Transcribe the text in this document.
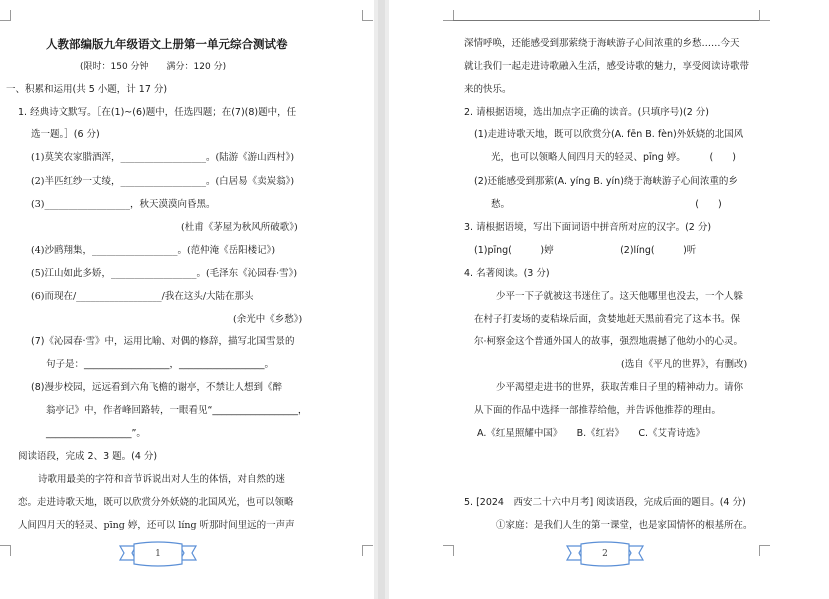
人教部编版九年级语文上册第一单元综合测试卷
(限时：150 分钟　　满分：120 分)
一、积累和运用(共 5 小题，计 17 分)
1. 经典诗文默写。［在(1)~(6)题中，任选四题；在(7)(8)题中，任
选一题。］(6 分)
(1)莫笑农家腊酒浑，__________________。(陆游《游山西村》)
(2)半匹红纱一丈绫，__________________。(白居易《卖炭翁》)
(3)__________________，秋天漠漠向昏黑。
(杜甫《茅屋为秋风所破歌》)
(4)沙鸥翔集，__________________。(范仲淹《岳阳楼记》)
(5)江山如此多娇，__________________。(毛泽东《沁园春·雪》)
(6)而现在/__________________/我在这头/大陆在那头
(余光中《乡愁》)
(7)《沁园春·雪》中，运用比喻、对偶的修辞，描写北国雪景的
句子是：__________________，__________________。
(8)漫步校园，远远看到六角飞檐的谢亭，不禁让人想到《醉
翁亭记》中，作者峰回路转，一眼看见“__________________，
__________________”。
阅读语段，完成 2、3 题。(4 分)
诗歌用最美的字符和音节诉说出对人生的体悟，对自然的迷
恋。走进诗歌天地，既可以欣赏分外妖娆的北国风光，也可以领略
人间四月天的轻灵、pīng 婷，还可以 líng 听那时间里远的一声声
1
深情呼唤，还能感受到那萦绕于海峡游子心间浓重的乡愁……今天
就让我们一起走进诗歌融入生活，感受诗歌的魅力，享受阅读诗歌带
来的快乐。
2. 请根据语境，选出加点字正确的读音。(只填序号)(2 分)
(1)走进诗歌天地，既可以欣赏分(A. fēn B. fèn)外妖娆的北国风
光，也可以领略人间四月天的轻灵、pīng 婷。　　　(　　)
(2)还能感受到那萦(A. yíng B. yín)绕于海峡游子心间浓重的乡
愁。　　　　　　　　　　　　　　　　　　　　(　　)
3. 请根据语境，写出下面词语中拼音所对应的汉字。(2 分)
(1)pīng(　　　)婷　　　　　　　(2)líng(　　　)听
4. 名著阅读。(3 分)
少平一下子就被这书迷住了。这天他哪里也没去，一个人躲
在村子打麦场的麦秸垛后面，贪婪地赶天黑前看完了这本书。保
尔·柯察金这个普通外国人的故事，强烈地震撼了他幼小的心灵。
(选自《平凡的世界》，有删改)
少平渴望走进书的世界，获取苦难日子里的精神动力。请你
从下面的作品中选择一部推荐给他，并告诉他推荐的理由。
A.《红星照耀中国》　　B.《红岩》　　C.《艾青诗选》
5. [2024　西安二十六中月考] 阅读语段，完成后面的题目。(4 分)
①家庭：是我们人生的第一课堂，也是家国情怀的根基所在。
2
